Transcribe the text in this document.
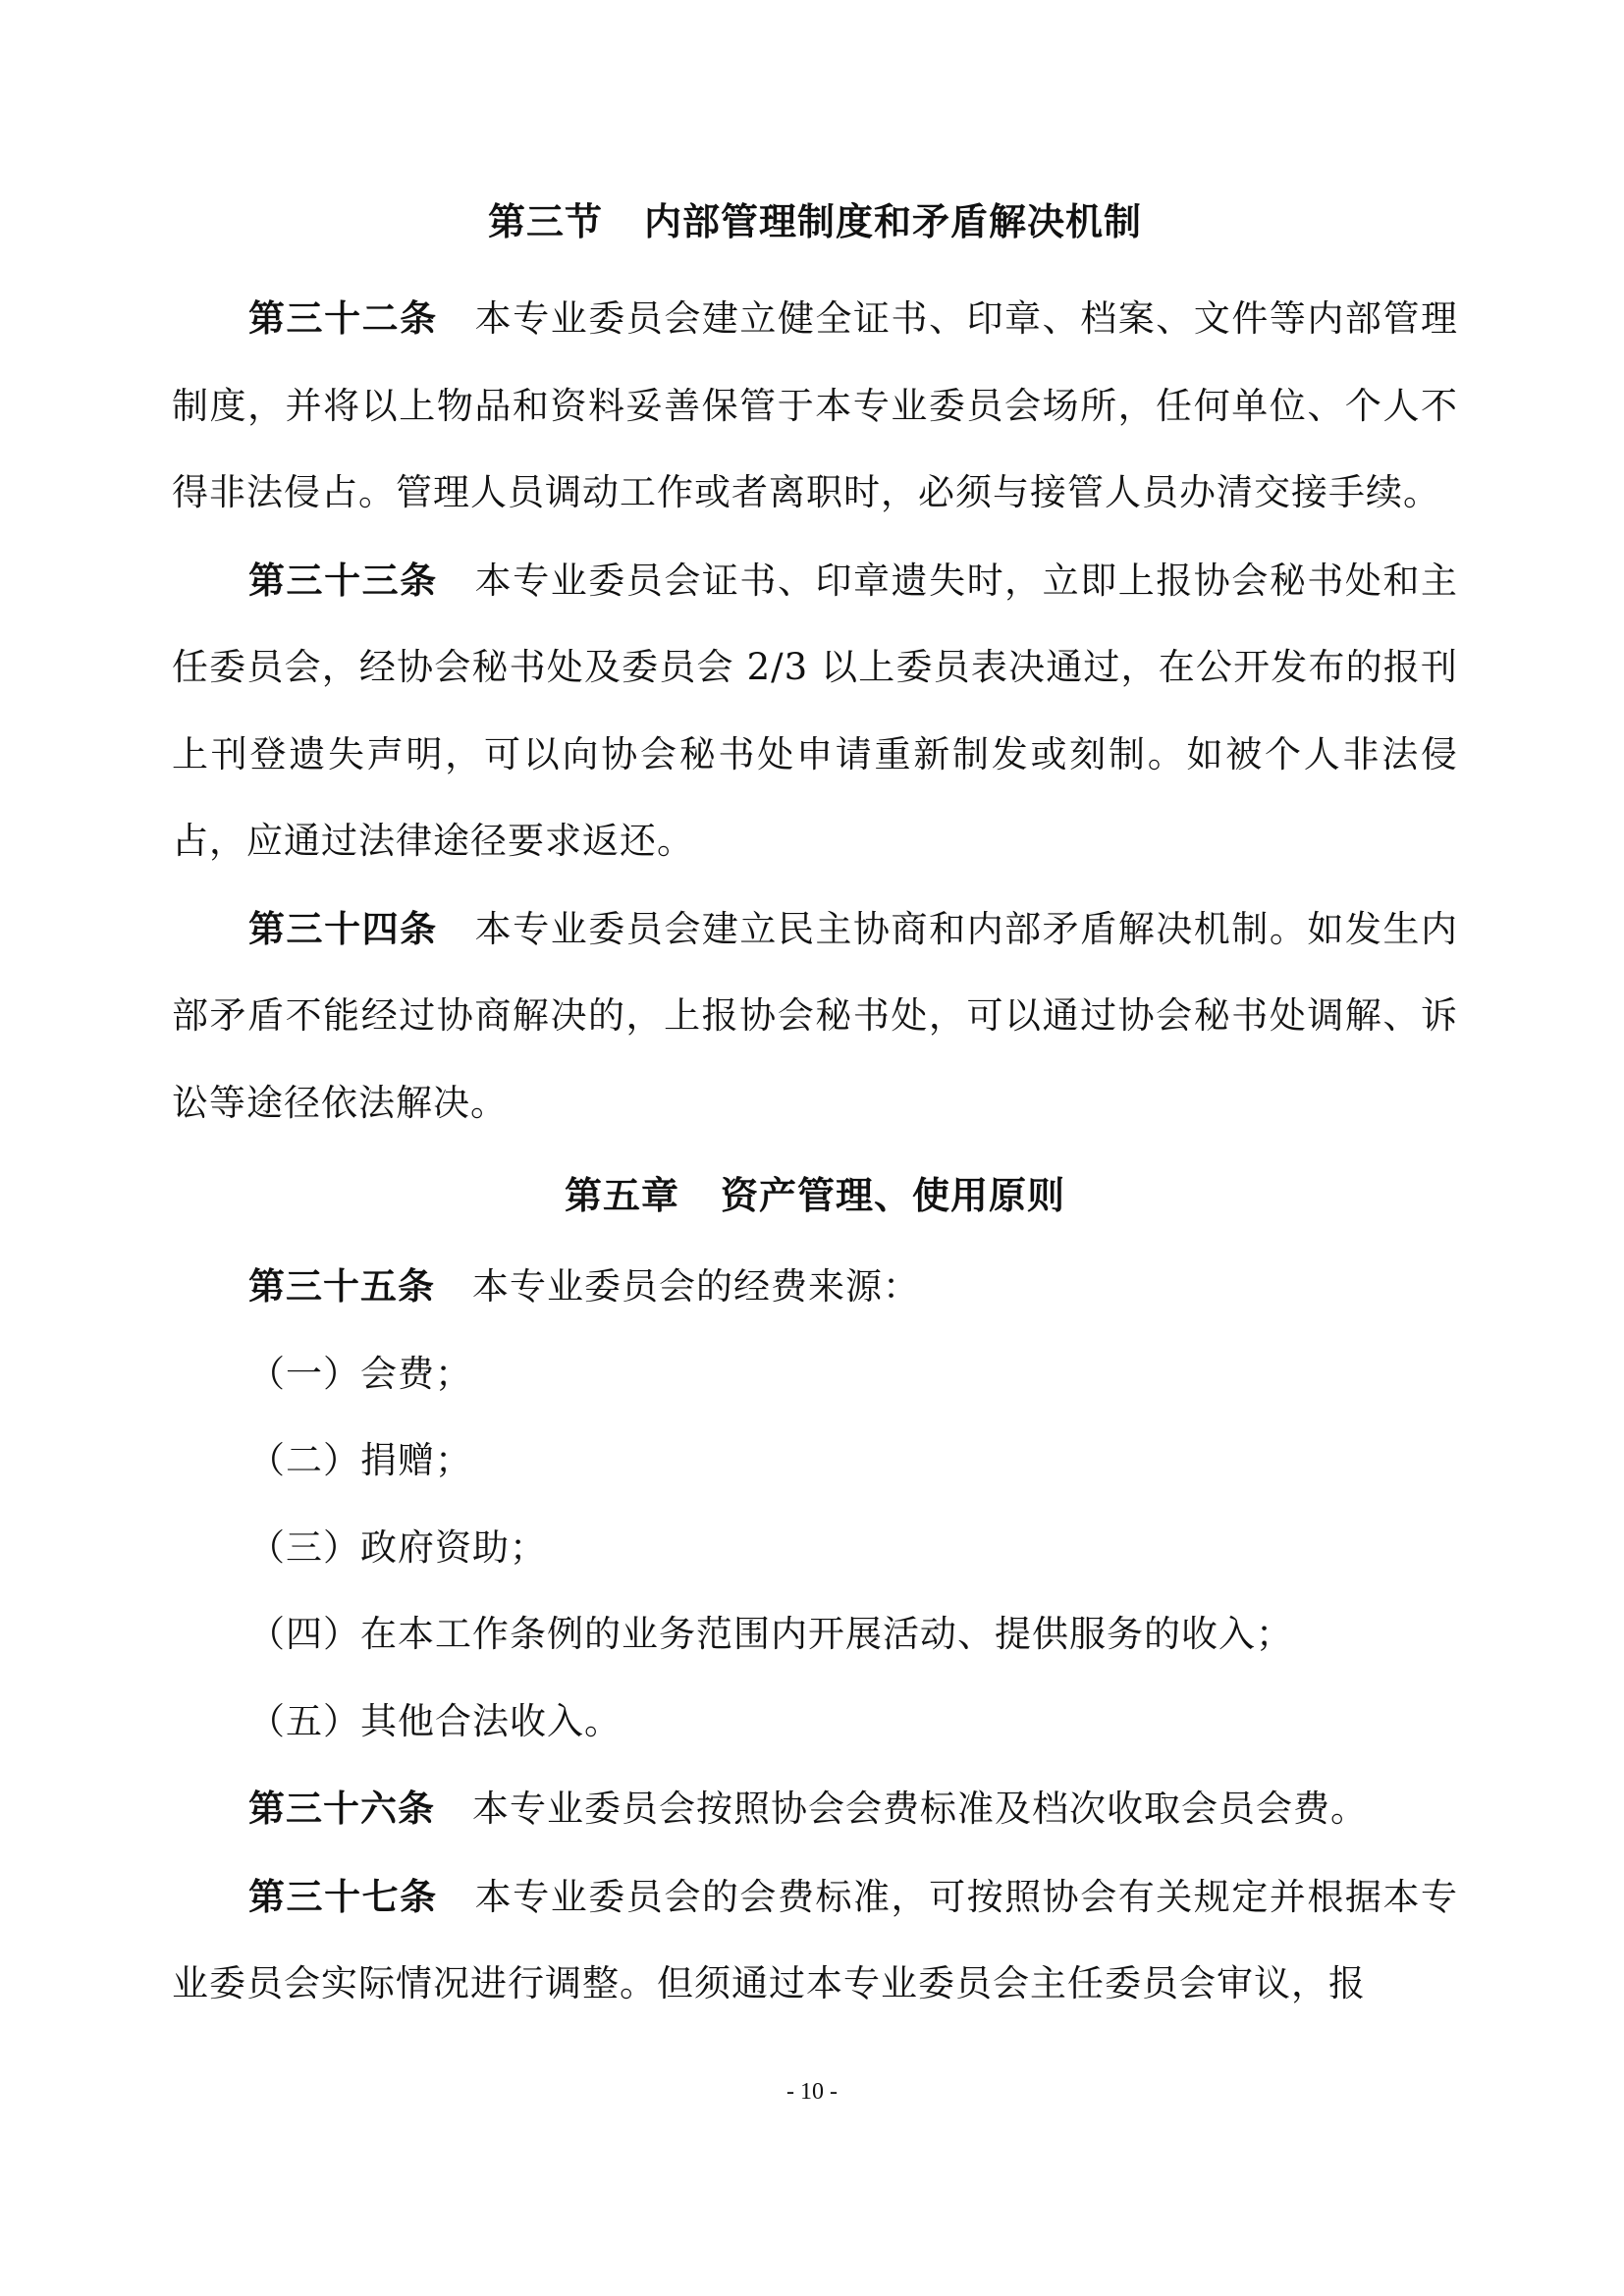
第三节 内部管理制度和矛盾解决机制

第三十二条 本专业委员会建立健全证书、印章、档案、文件等内部管理制度，并将以上物品和资料妥善保管于本专业委员会场所，任何单位、个人不得非法侵占。管理人员调动工作或者离职时，必须与接管人员办清交接手续。

第三十三条 本专业委员会证书、印章遗失时，立即上报协会秘书处和主任委员会，经协会秘书处及委员会 2/3 以上委员表决通过，在公开发布的报刊上刊登遗失声明，可以向协会秘书处申请重新制发或刻制。如被个人非法侵占，应通过法律途径要求返还。

第三十四条 本专业委员会建立民主协商和内部矛盾解决机制。如发生内部矛盾不能经过协商解决的，上报协会秘书处，可以通过协会秘书处调解、诉讼等途径依法解决。

第五章 资产管理、使用原则

第三十五条 本专业委员会的经费来源：

（一）会费；

（二）捐赠；

（三）政府资助；

（四）在本工作条例的业务范围内开展活动、提供服务的收入；

（五）其他合法收入。

第三十六条 本专业委员会按照协会会费标准及档次收取会员会费。

第三十七条 本专业委员会的会费标准，可按照协会有关规定并根据本专业委员会实际情况进行调整。但须通过本专业委员会主任委员会审议，报

- 10 -
